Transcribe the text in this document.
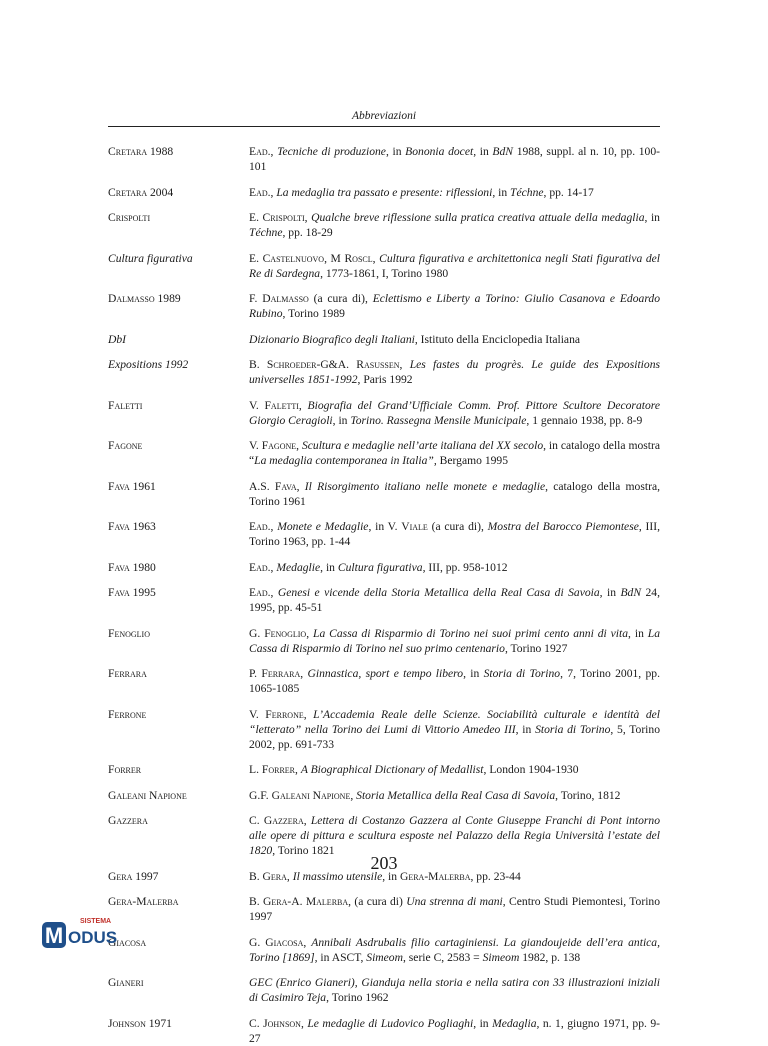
Abbreviazioni
Cretara 1988	Ead., Tecniche di produzione, in Bononia docet, in BdN 1988, suppl. al n. 10, pp. 100-101
Cretara 2004	Ead., La medaglia tra passato e presente: riflessioni, in Téchne, pp. 14-17
Crispolti	E. Crispolti, Qualche breve riflessione sulla pratica creativa attuale della medaglia, in Téchne, pp. 18-29
Cultura figurativa	E. Castelnuovo, M Roscl, Cultura figurativa e architettonica negli Stati figurativa del Re di Sardegna, 1773-1861, I, Torino 1980
Dalmasso 1989	F. Dalmasso (a cura di), Eclettismo e Liberty a Torino: Giulio Casanova e Edoardo Rubino, Torino 1989
DbI	Dizionario Biografico degli Italiani, Istituto della Enciclopedia Italiana
Expositions 1992	B. Schroeder-G&A. Rasussen, Les fastes du progrès. Le guide des Expositions universelles 1851-1992, Paris 1992
Faletti	V. Faletti, Biografia del Grand’Ufficiale Comm. Prof. Pittore Scultore Decoratore Giorgio Ceragioli, in Torino. Rassegna Mensile Municipale, 1 gennaio 1938, pp. 8-9
Fagone	V. Fagone, Scultura e medaglie nell’arte italiana del XX secolo, in catalogo della mostra “La medaglia contemporanea in Italia”, Bergamo 1995
Fava 1961	A.S. Fava, Il Risorgimento italiano nelle monete e medaglie, catalogo della mostra, Torino 1961
Fava 1963	Ead., Monete e Medaglie, in V. Viale (a cura di), Mostra del Barocco Piemontese, III, Torino 1963, pp. 1-44
Fava 1980	Ead., Medaglie, in Cultura figurativa, III, pp. 958-1012
Fava 1995	Ead., Genesi e vicende della Storia Metallica della Real Casa di Savoia, in BdN 24, 1995, pp. 45-51
Fenoglio	G. Fenoglio, La Cassa di Risparmio di Torino nei suoi primi cento anni di vita, in La Cassa di Risparmio di Torino nel suo primo centenario, Torino 1927
Ferrara	P. Ferrara, Ginnastica, sport e tempo libero, in Storia di Torino, 7, Torino 2001, pp. 1065-1085
Ferrone	V. Ferrone, L’Accademia Reale delle Scienze. Sociabilità culturale e identità del “letterato” nella Torino dei Lumi di Vittorio Amedeo III, in Storia di Torino, 5, Torino 2002, pp. 691-733
Forrer	L. Forrer, A Biographical Dictionary of Medallist, London 1904-1930
Galeani Napione	G.F. Galeani Napione, Storia Metallica della Real Casa di Savoia, Torino, 1812
Gazzera	C. Gazzera, Lettera di Costanzo Gazzera al Conte Giuseppe Franchi di Pont intorno alle opere di pittura e scultura esposte nel Palazzo della Regia Università l’estate del 1820, Torino 1821
Gera 1997	B. Gera, Il massimo utensile, in Gera-Malerba, pp. 23-44
Gera-Malerba	B. Gera-A. Malerba, (a cura di) Una strenna di mani, Centro Studi Piemontesi, Torino 1997
Giacosa	G. Giacosa, Annibali Asdrubalis filio cartaginiensi. La giandoujeide dell’era antica, Torino [1869], in ASCT, Simeom, serie C, 2583 = Simeom 1982, p. 138
Gianeri	GEC (Enrico Gianeri), Gianduja nella storia e nella satira con 33 illustrazioni iniziali di Casimiro Teja, Torino 1962
Johnson 1971	C. Johnson, Le medaglie di Ludovico Pogliaghi, in Medaglia, n. 1, giugno 1971, pp. 9-27
203
SISTEMA
M ODUS
